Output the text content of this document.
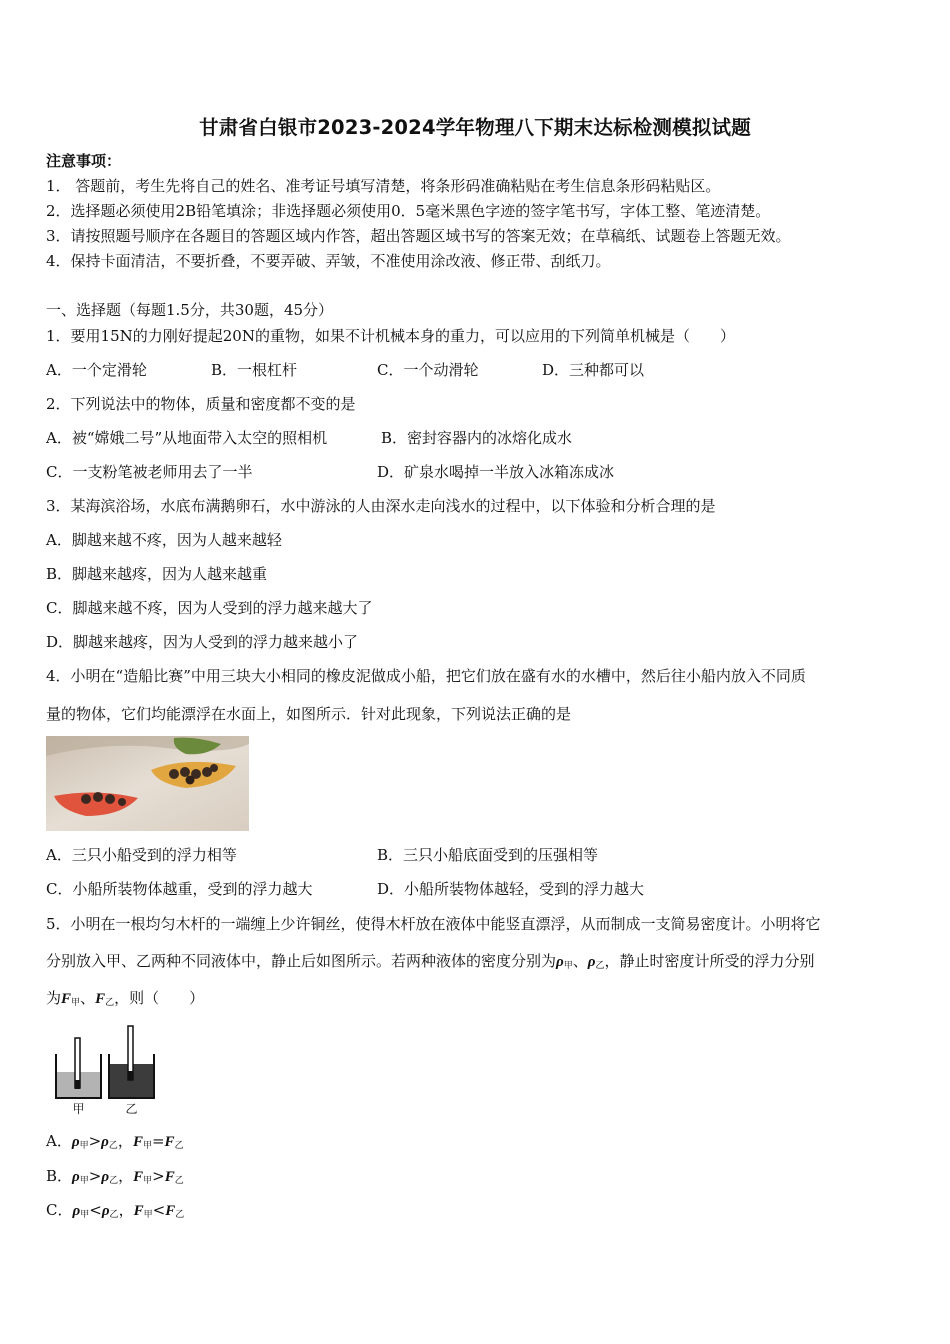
甘肃省白银市2023-2024学年物理八下期末达标检测模拟试题
注意事项：
1． 答题前，考生先将自己的姓名、准考证号填写清楚，将条形码准确粘贴在考生信息条形码粘贴区。
2．选择题必须使用2B铅笔填涂；非选择题必须使用0．5毫米黑色字迹的签字笔书写，字体工整、笔迹清楚。
3．请按照题号顺序在各题目的答题区域内作答，超出答题区域书写的答案无效；在草稿纸、试题卷上答题无效。
4．保持卡面清洁，不要折叠，不要弄破、弄皱，不准使用涂改液、修正带、刮纸刀。
一、选择题（每题1.5分，共30题，45分）
1．要用15N的力刚好提起20N的重物，如果不计机械本身的重力，可以应用的下列简单机械是（　　）
A．一个定滑轮	B．一根杠杆	C．一个动滑轮	D．三种都可以
2．下列说法中的物体，质量和密度都不变的是
A．被“嫦娥二号”从地面带入太空的照相机	B．密封容器内的冰熔化成水
C．一支粉笔被老师用去了一半	D．矿泉水喝掉一半放入冰箱冻成冰
3．某海滨浴场，水底布满鹅卵石，水中游泳的人由深水走向浅水的过程中，以下体验和分析合理的是
A．脚越来越不疼，因为人越来越轻
B．脚越来越疼，因为人越来越重
C．脚越来越不疼，因为人受到的浮力越来越大了
D．脚越来越疼，因为人受到的浮力越来越小了
4．小明在“造船比赛”中用三块大小相同的橡皮泥做成小船，把它们放在盛有水的水槽中，然后往小船内放入不同质
量的物体，它们均能漂浮在水面上，如图所示．针对此现象，下列说法正确的是
A．三只小船受到的浮力相等	B．三只小船底面受到的压强相等
C．小船所装物体越重，受到的浮力越大	D．小船所装物体越轻，受到的浮力越大
5．小明在一根均匀木杆的一端缠上少许铜丝，使得木杆放在液体中能竖直漂浮，从而制成一支简易密度计。小明将它
分别放入甲、乙两种不同液体中，静止后如图所示。若两种液体的密度分别为$\rho_甲$、$\rho_乙$，静止时密度计所受的浮力分别
为$F_甲$、$F_乙$，则（　　）
甲	乙
A．$\rho_甲>\rho_乙$，$F_甲=F_乙$
B．$\rho_甲>\rho_乙$，$F_甲>F_乙$
C．$\rho_甲<\rho_乙$，$F_甲<F_乙$
